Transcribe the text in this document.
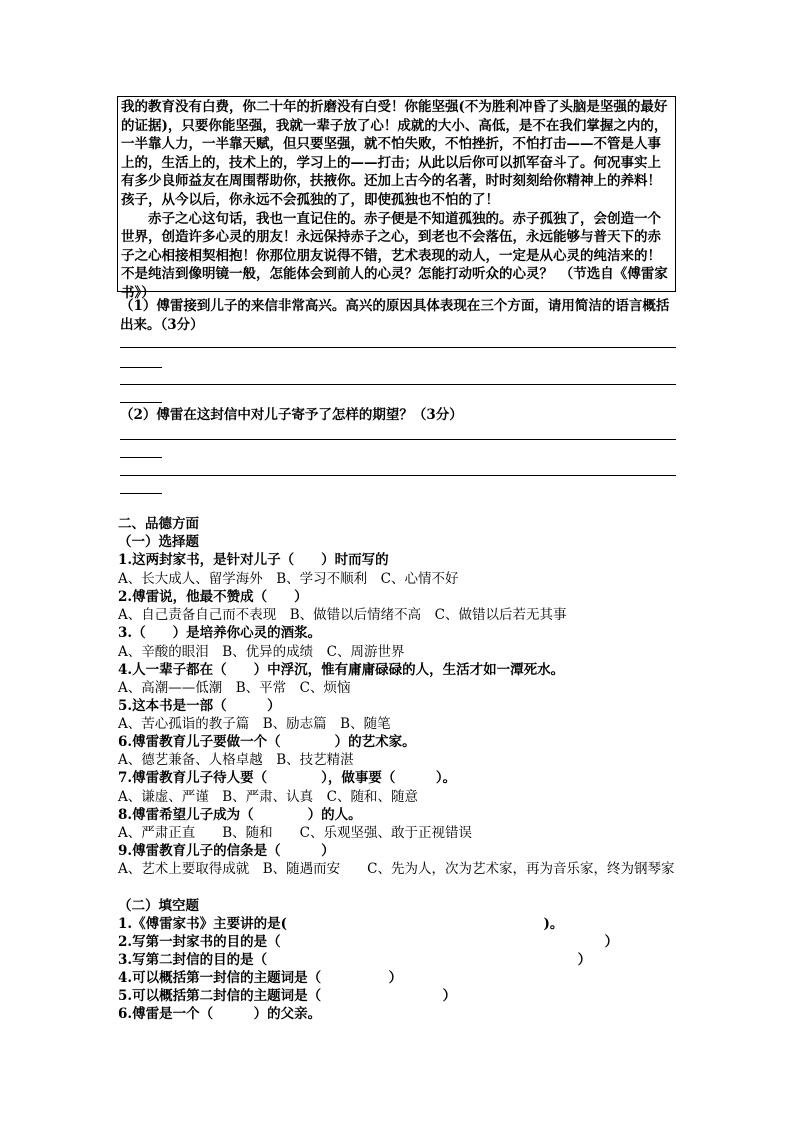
我的教育没有白费，你二十年的折磨没有白受！你能坚强(不为胜利冲昏了头脑是坚强的最好的证据)，只要你能坚强，我就一辈子放了心！成就的大小、高低，是不在我们掌握之内的，一半靠人力，一半靠天赋，但只要坚强，就不怕失败，不怕挫折，不怕打击——不管是人事上的，生活上的，技术上的，学习上的——打击；从此以后你可以抓军奋斗了。何况事实上有多少良师益友在周围帮助你，扶掖你。还加上古今的名著，时时刻刻给你精神上的养料！孩子，从今以后，你永远不会孤独的了，即使孤独也不怕的了！

赤子之心这句话，我也一直记住的。赤子便是不知道孤独的。赤子孤独了，会创造一个世界，创造许多心灵的朋友！永远保持赤子之心，到老也不会落伍，永远能够与普天下的赤子之心相接相契相抱！你那位朋友说得不错，艺术表现的动人，一定是从心灵的纯洁来的！不是纯洁到像明镜一般，怎能体会到前人的心灵？怎能打动听众的心灵？　（节选自《傅雷家书》）

（1）傅雷接到儿子的来信非常高兴。高兴的原因具体表现在三个方面，请用简洁的语言概括出来。（3分）
（2）傅雷在这封信中对儿子寄予了怎样的期望？（3分）
二、品德方面
（一）选择题
1.这两封家书，是针对儿子（　　）时而写的
A、长大成人、留学海外　B、学习不顺利　C、心情不好
2.傅雷说，他最不赞成（　　）
A、自己责备自己而不表现　B、做错以后情绪不高　C、做错以后若无其事
3.（　　）是培养你心灵的酒浆。
A、辛酸的眼泪　B、优异的成绩　C、周游世界
4.人一辈子都在（　　）中浮沉，惟有庸庸碌碌的人，生活才如一潭死水。
A、高潮——低潮　B、平常　C、烦恼
5.这本书是一部（　　　）
A、苦心孤诣的教子篇　B、励志篇　B、随笔
6.傅雷教育儿子要做一个（　　　　）的艺术家。
A、德艺兼备、人格卓越　B、技艺精湛
7.傅雷教育儿子待人要（　　　　），做事要（　　　）。
A、谦虚、严谨　B、严肃、认真　C、随和、随意
8.傅雷希望儿子成为（　　　　）的人。
A、严肃正直　　B、随和　　C、乐观坚强、敢于正视错误
9.傅雷教育儿子的信条是（　　　）
A、艺术上要取得成就　B、随遇而安　　C、先为人，次为艺术家，再为音乐家，终为钢琴家
（二）填空题
1.《傅雷家书》主要讲的是(　　　　　　　　　　　　　　　　　　　)。
2.写第一封家书的目的是（　　　　　　　　　　　　　　　　　　　　　　　　）
3.写第二封信的目的是（　　　　　　　　　　　　　　　　　　　　　　　）
4.可以概括第一封信的主题词是（　　　　　）
5.可以概括第二封信的主题词是（　　　　　　　　　）
6.傅雷是一个（　　　）的父亲。
